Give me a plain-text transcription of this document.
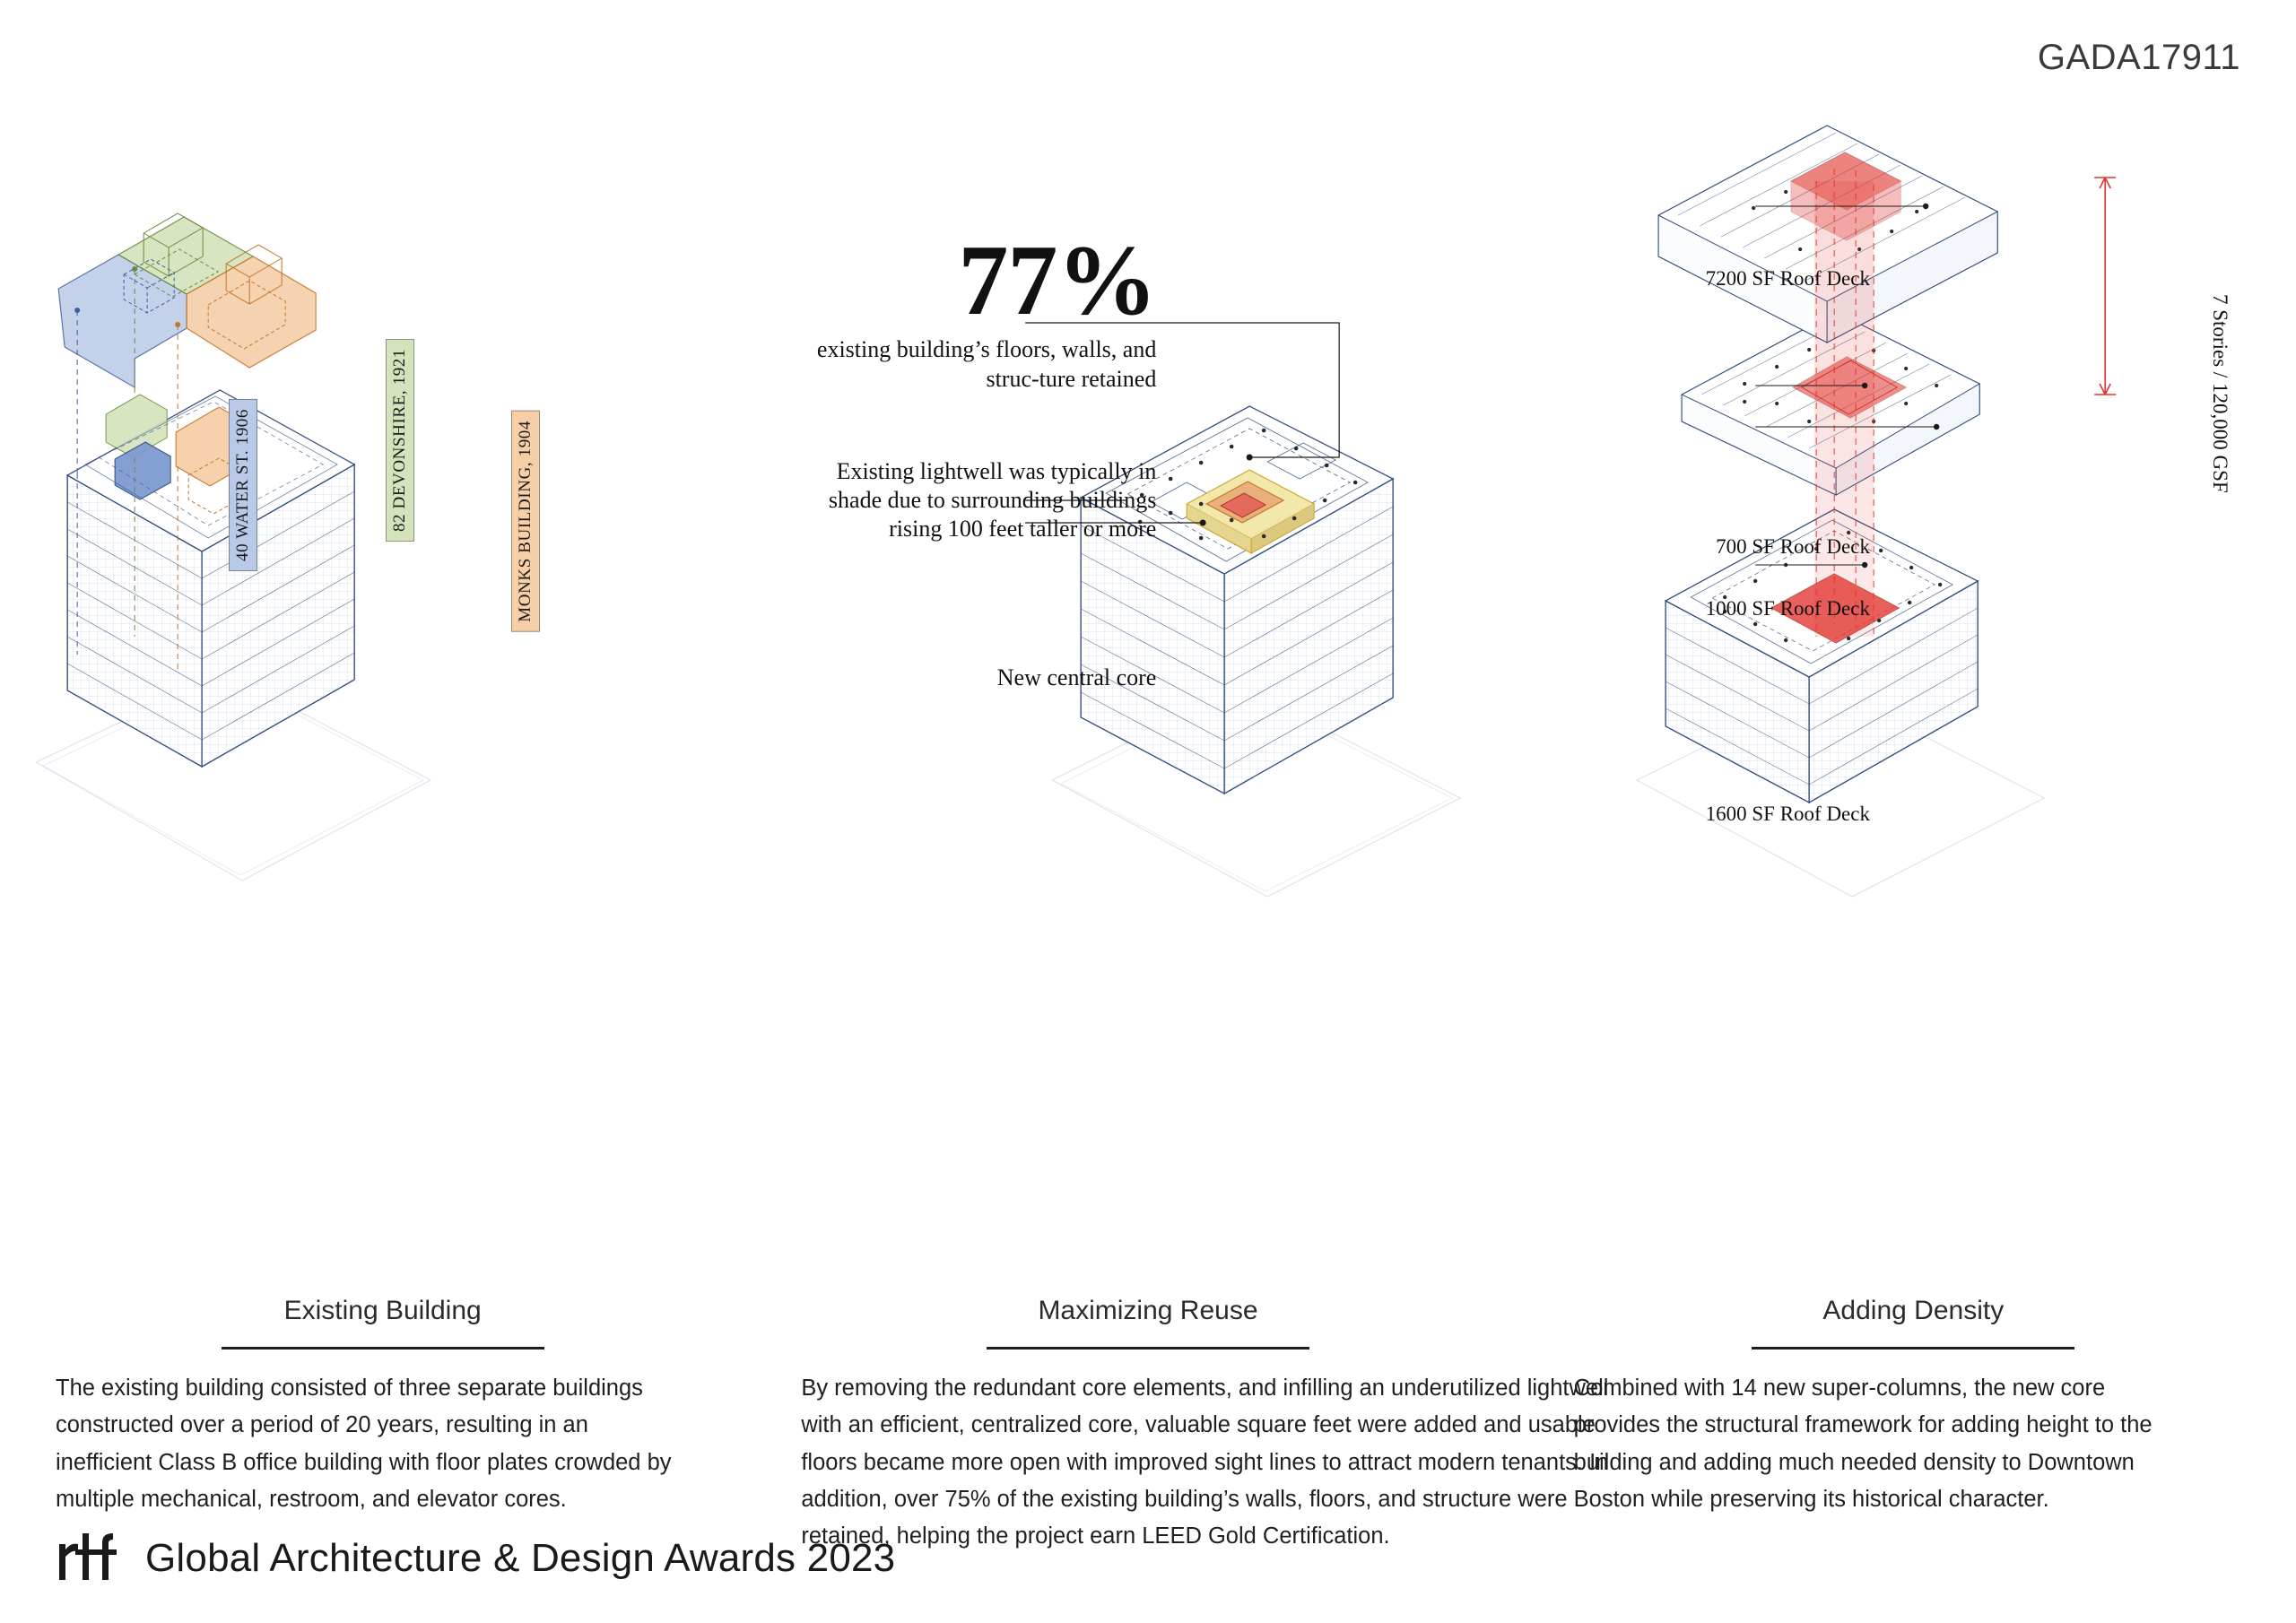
GADA17911
40 WATER ST. 1906	82 DEVONSHIRE, 1921	MONKS BUILDING, 1904
Existing Building
The existing building consisted of three separate buildings constructed over a period of 20 years, resulting in an inefficient Class B office building with floor plates crowded by multiple mechanical, restroom, and elevator cores.
77%
existing building’s floors, walls, and struc-ture retained
Existing lightwell was typically in shade due to surrounding buildings rising 100 feet taller or more
New central core
Maximizing Reuse
By removing the redundant core elements, and infilling an underutilized lightwell with an efficient, centralized core, valuable square feet were added and usable floors became more open with improved sight lines to attract modern tenants. In addition, over 75% of the existing building’s walls, floors, and structure were retained, helping the project earn LEED Gold Certification.
7200 SF Roof Deck
700 SF Roof Deck
1000 SF Roof Deck
1600 SF Roof Deck
7 Stories / 120,000 GSF
Adding Density
Combined with 14 new super-columns, the new core provides the structural framework for adding height to the building and adding much needed density to Downtown Boston while preserving its historical character.
Global Architecture & Design Awards 2023
